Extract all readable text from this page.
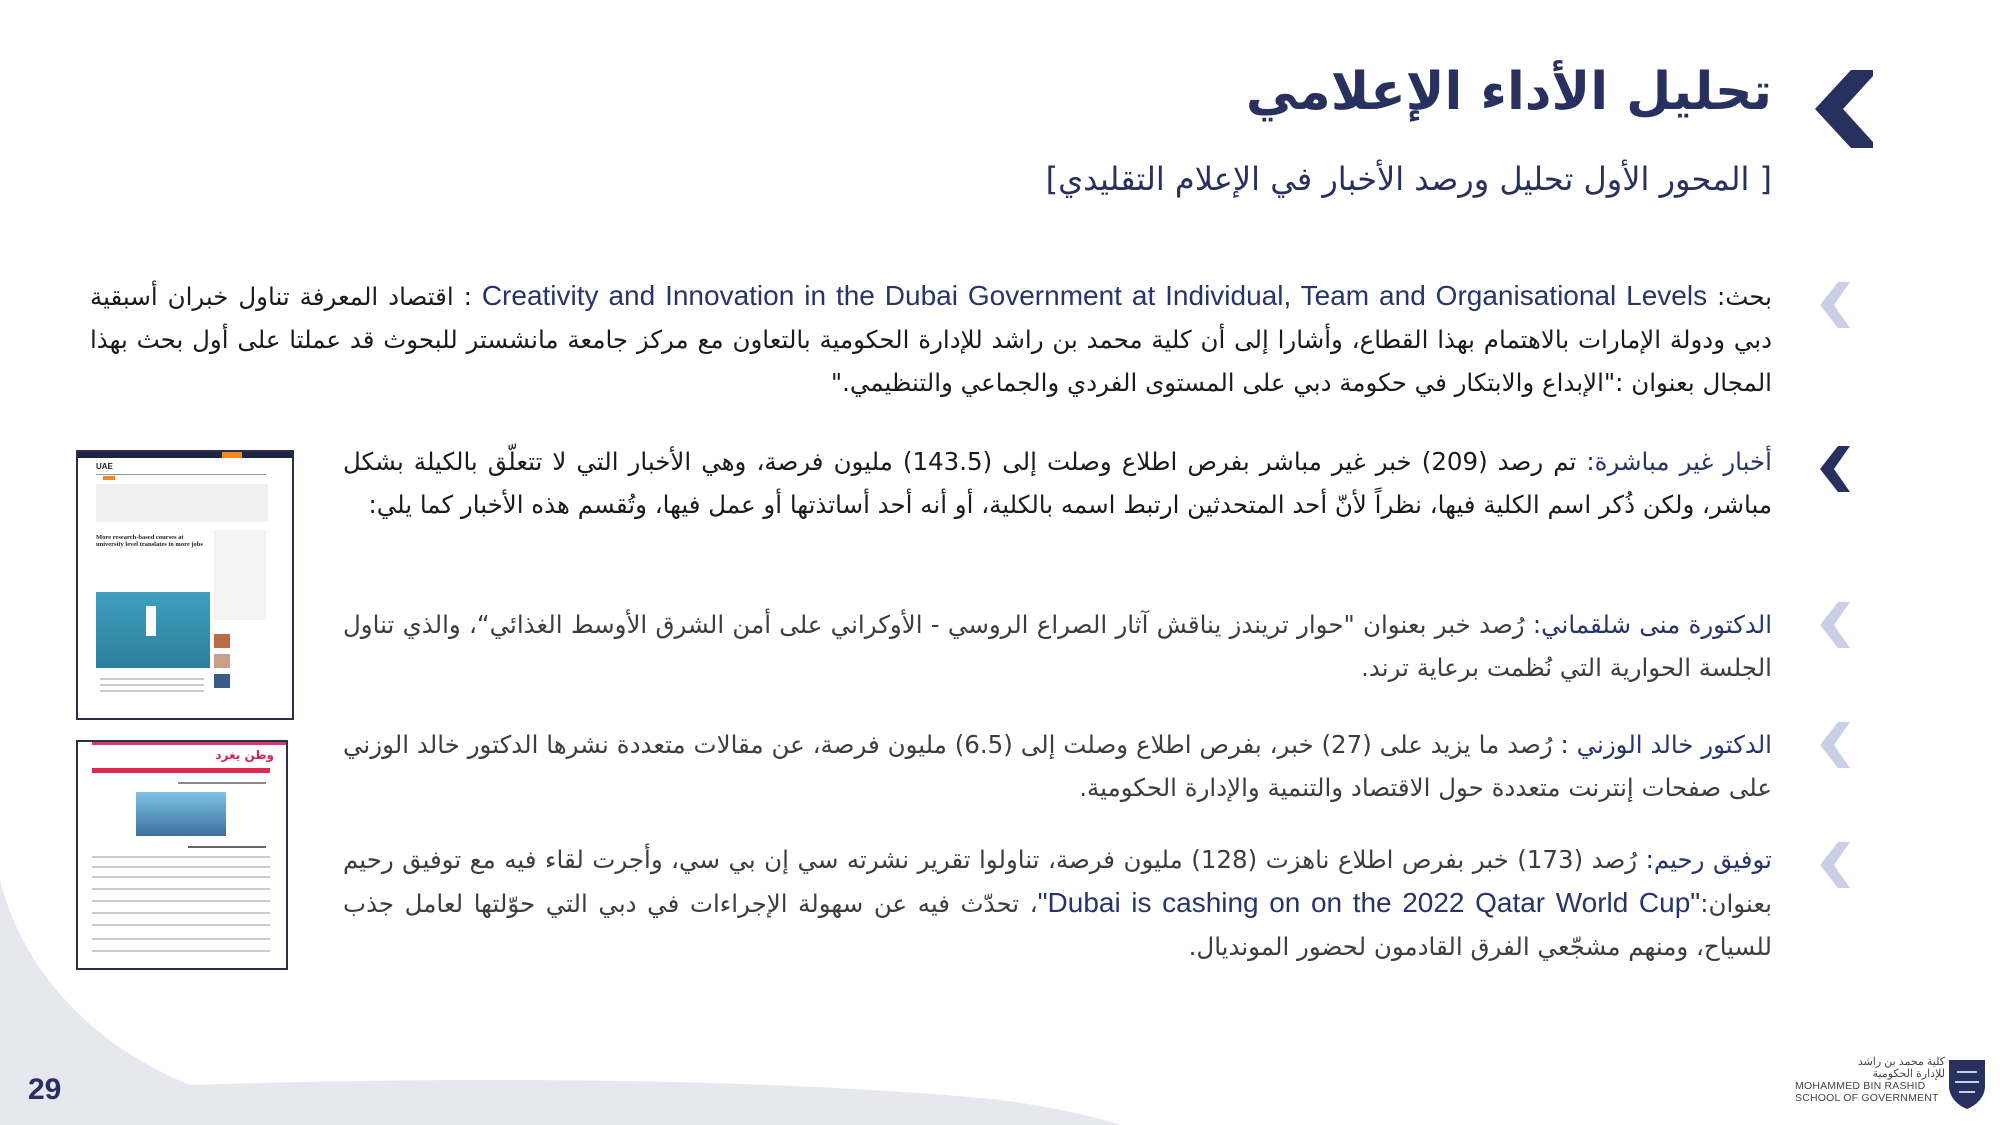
تحليل الأداء الإعلامي
[ المحور الأول تحليل ورصد الأخبار في الإعلام التقليدي]
بحث: Creativity and Innovation in the Dubai Government at Individual, Team and Organisational Levels : اقتصاد المعرفة تناول خبران أسبقية دبي ودولة الإمارات بالاهتمام بهذا القطاع، وأشارا إلى أن كلية محمد بن راشد للإدارة الحكومية بالتعاون مع مركز جامعة مانشستر للبحوث قد عملتا على أول بحث بهذا المجال بعنوان :"الإبداع والابتكار في حكومة دبي على المستوى الفردي والجماعي والتنظيمي."
أخبار غير مباشرة: تم رصد (209) خبر غير مباشر بفرص اطلاع وصلت إلى (143.5) مليون فرصة، وهي الأخبار التي لا تتعلّق بالكيلة بشكل مباشر، ولكن ذُكر اسم الكلية فيها، نظراً لأنّ أحد المتحدثين ارتبط اسمه بالكلية، أو أنه أحد أساتذتها أو عمل فيها، وتُقسم هذه الأخبار كما يلي:
الدكتورة منى شلقماني: رُصد خبر بعنوان "حوار تريندز يناقش آثار الصراع الروسي - الأوكراني على أمن الشرق الأوسط الغذائي“، والذي تناول الجلسة الحوارية التي نُظمت برعاية ترند.
الدكتور خالد الوزني : رُصد ما يزيد على (27) خبر، بفرص اطلاع وصلت إلى (6.5) مليون فرصة، عن مقالات متعددة نشرها الدكتور خالد الوزني على صفحات إنترنت متعددة حول الاقتصاد والتنمية والإدارة الحكومية.
توفيق رحيم: رُصد (173) خبر بفرص اطلاع ناهزت (128) مليون فرصة، تناولوا تقرير نشرته سي إن بي سي، وأجرت لقاء فيه مع توفيق رحيم بعنوان:"Dubai is cashing on on the 2022 Qatar World Cup"، تحدّث فيه عن سهولة الإجراءات في دبي التي حوّلتها لعامل جذب للسياح، ومنهم مشجّعي الفرق القادمون لحضور المونديال.
UAE
More research-based courses at university level translates to more jobs
وطن يغرد
29
كلية محمد بن راشد
للإدارة الحكومية
MOHAMMED BIN RASHID
SCHOOL OF GOVERNMENT
